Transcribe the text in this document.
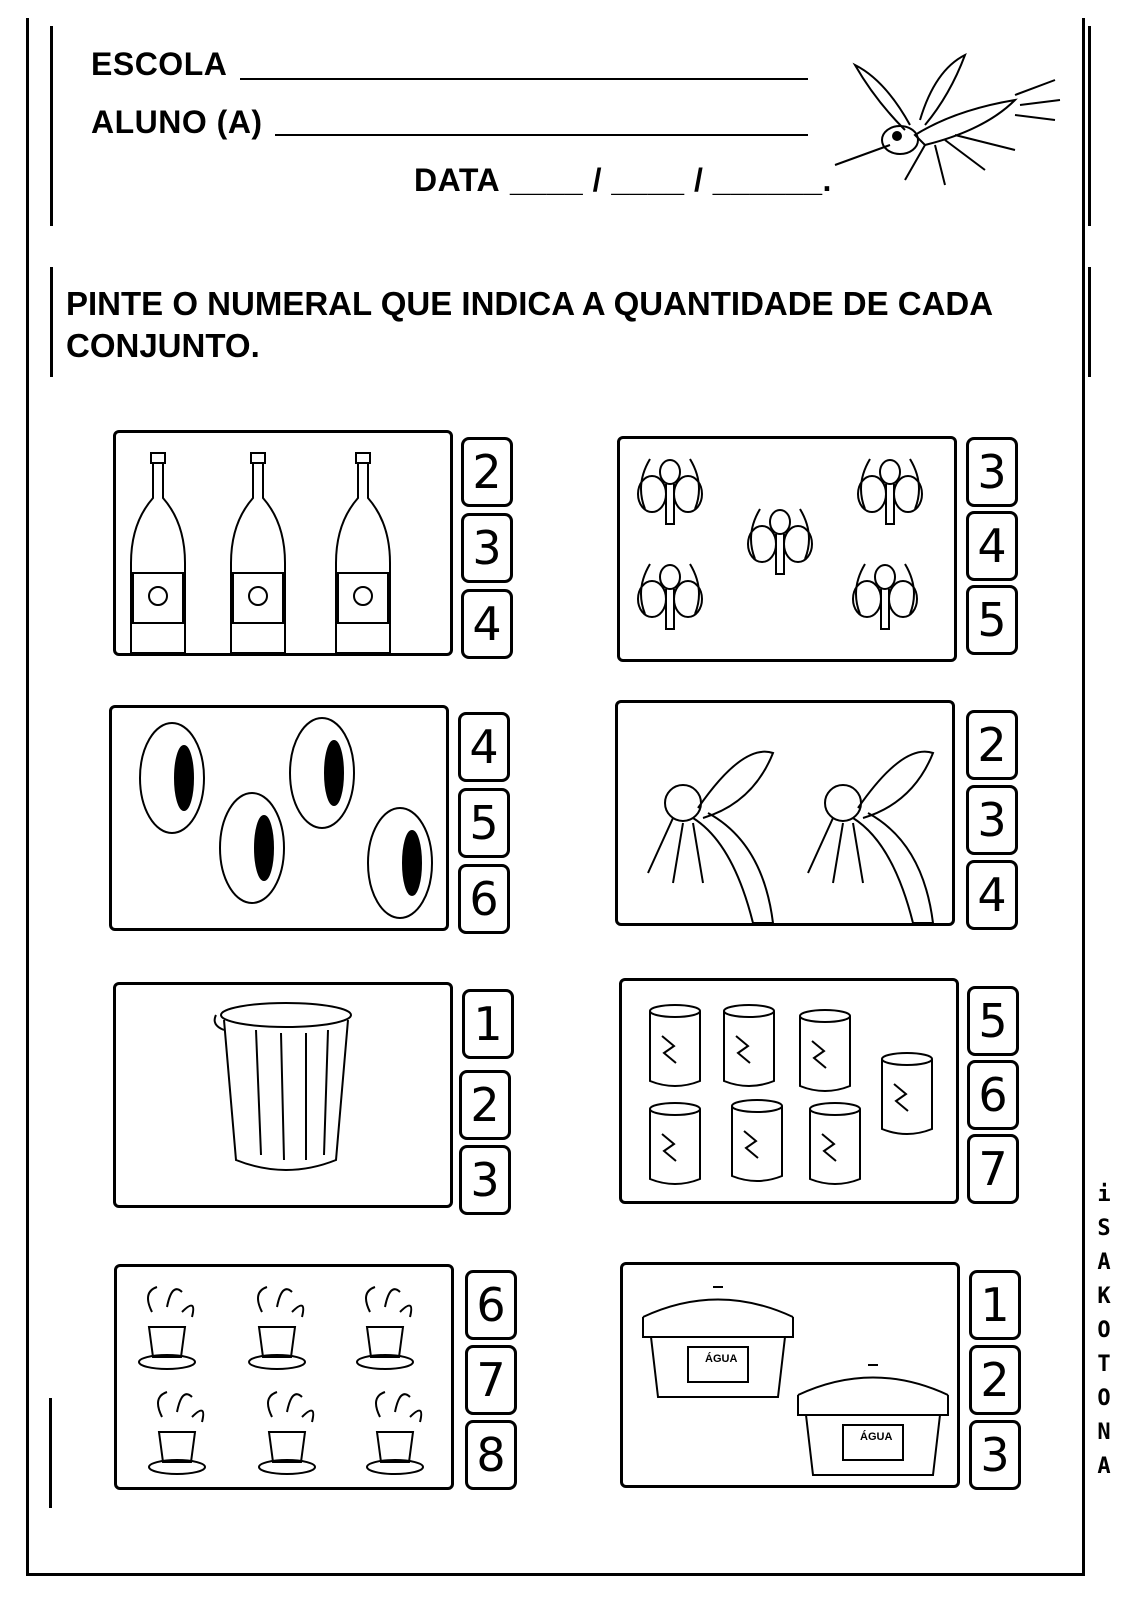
ESCOLA
ALUNO (A)
DATA ____ / ____ / ______.
PINTE O NUMERAL QUE INDICA A QUANTIDADE DE CADA CONJUNTO.
2
3
4
3
4
5
4
5
6
2
3
4
1
2
3
5
6
7
6
7
8
ÁGUA
ÁGUA
1
2
3
iSA KOTONA
